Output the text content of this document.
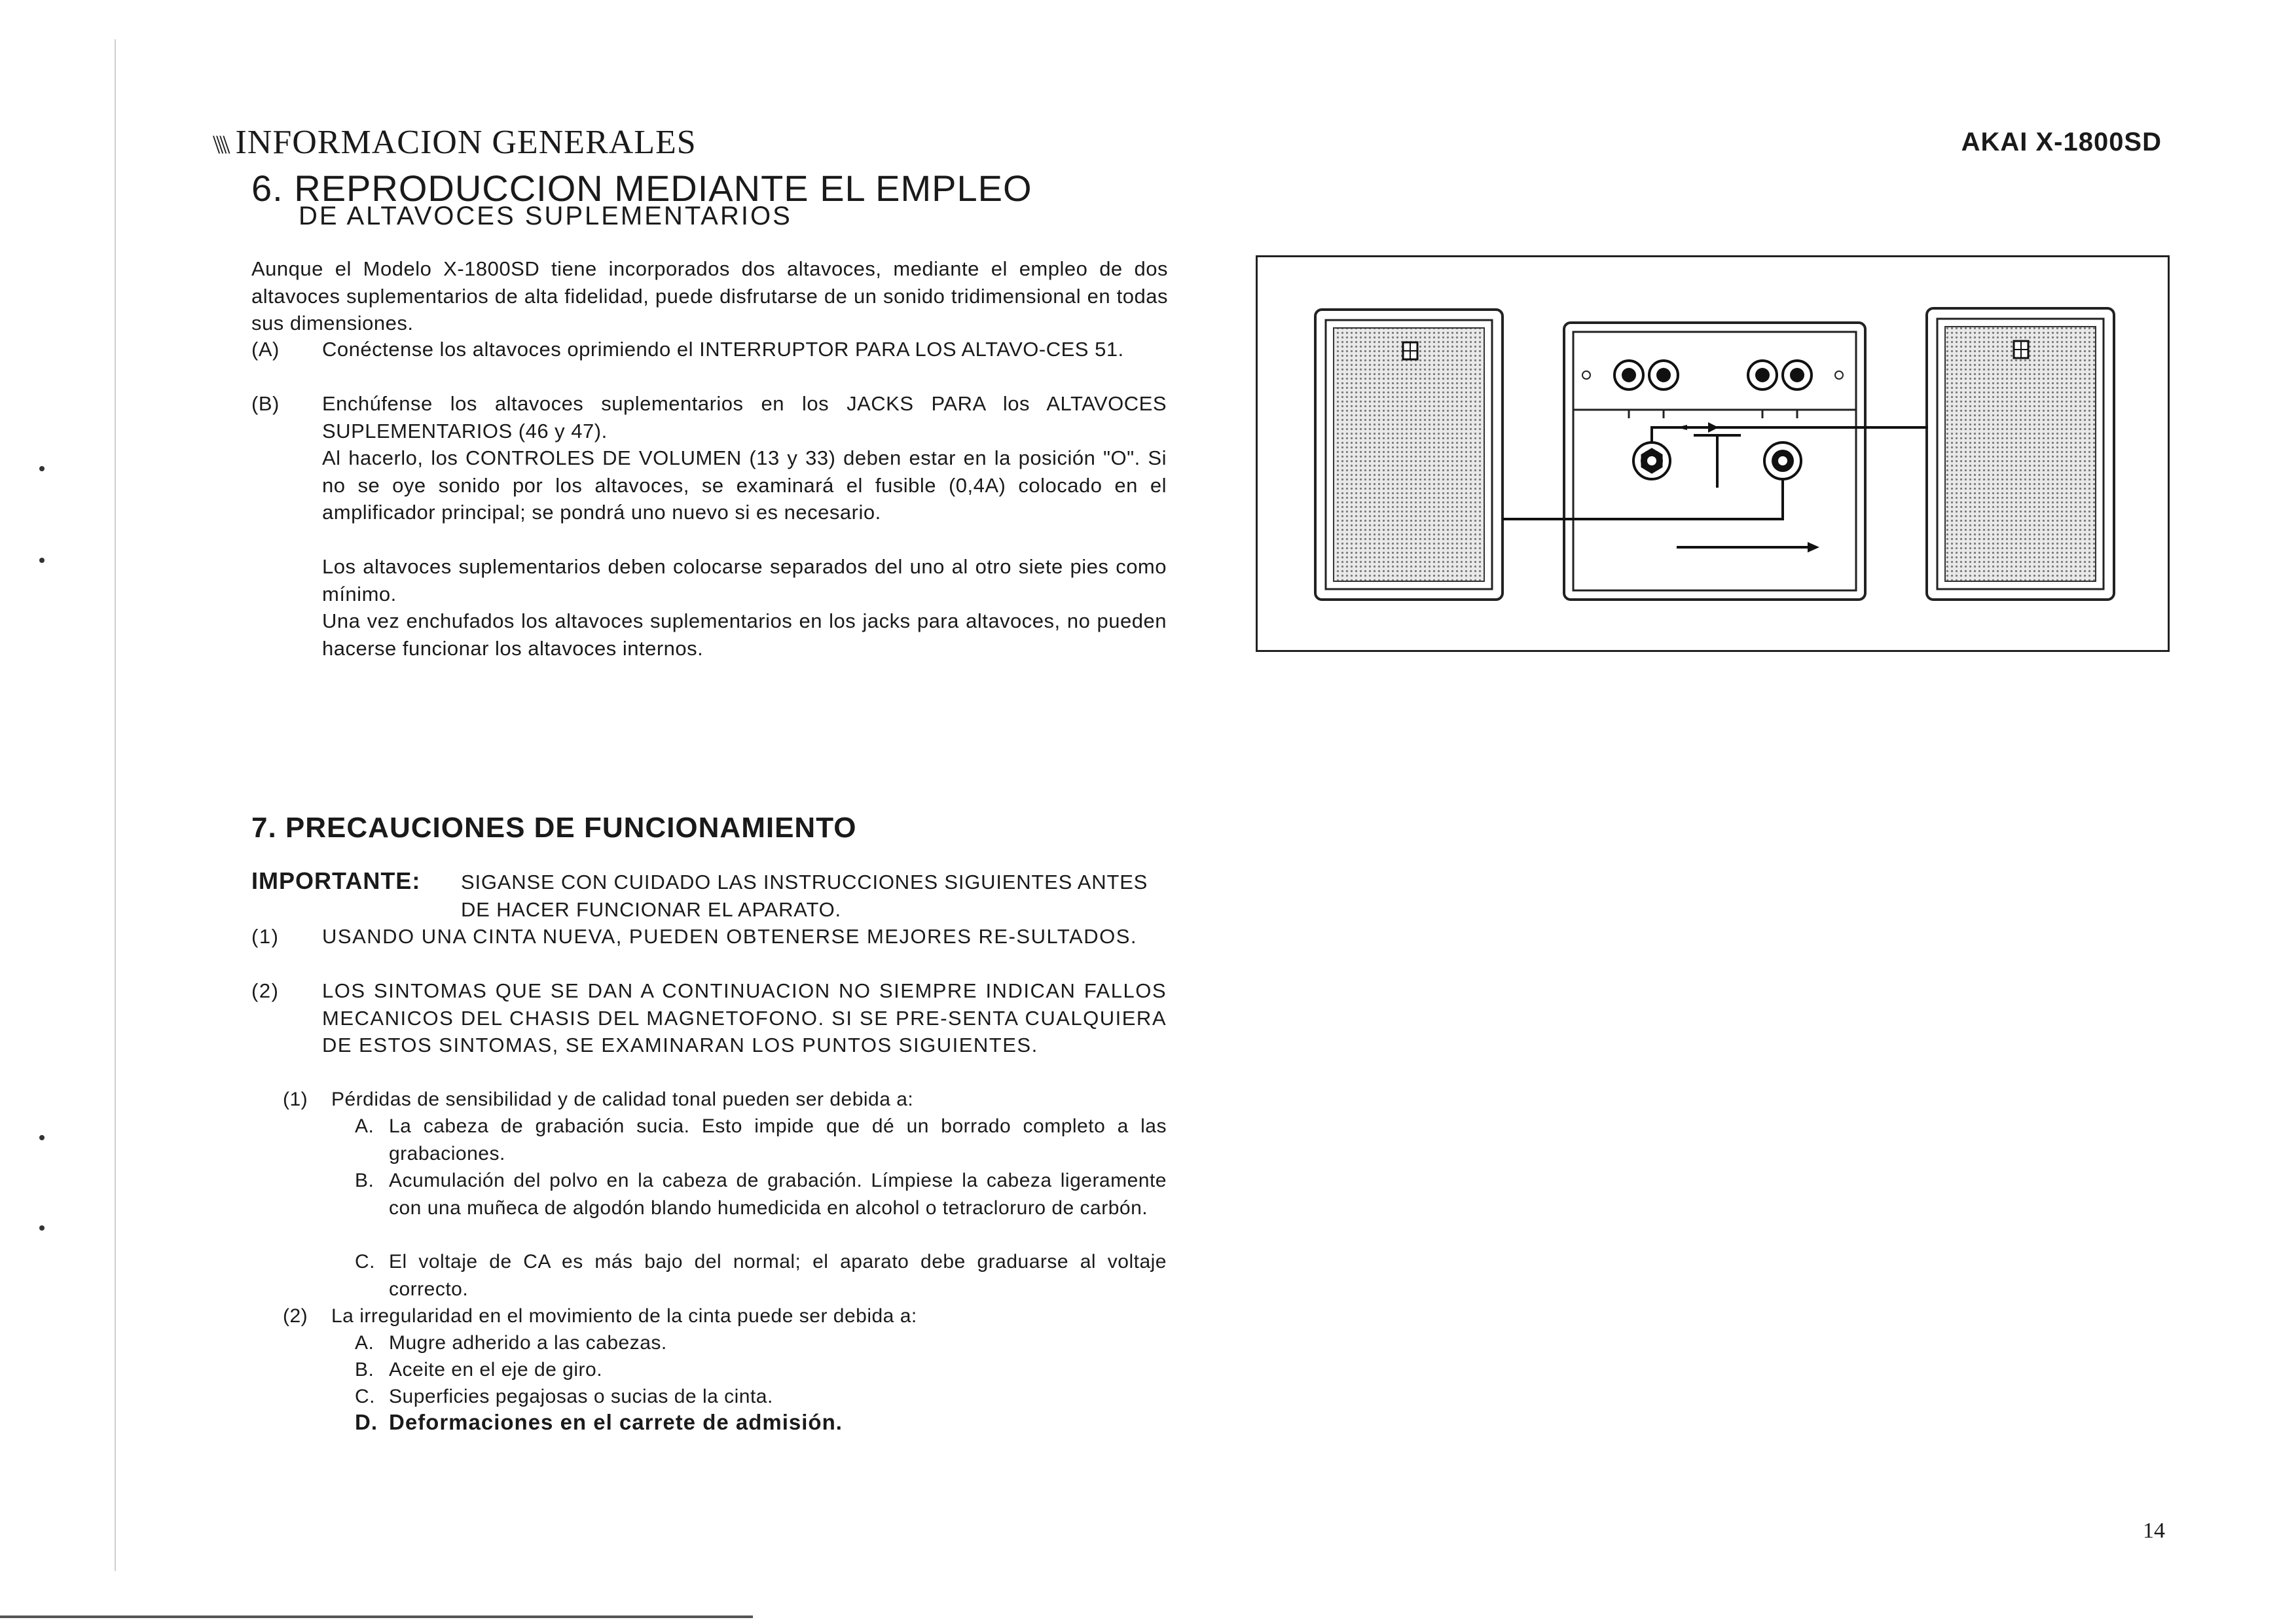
\\\\ INFORMACION GENERALES	AKAI X-1800SD
6. REPRODUCCION MEDIANTE EL EMPLEO
DE ALTAVOCES SUPLEMENTARIOS
Aunque el Modelo X-1800SD tiene incorporados dos altavoces, mediante el empleo de dos altavoces suplementarios de alta fidelidad, puede disfrutarse de un sonido tridimensional en todas sus dimensiones.
(A) Conéctense los altavoces oprimiendo el INTERRUPTOR PARA LOS ALTAVO-CES 51.
(B) Enchúfense los altavoces suplementarios en los JACKS PARA los ALTAVOCES SUPLEMENTARIOS (46 y 47).
Al hacerlo, los CONTROLES DE VOLUMEN (13 y 33) deben estar en la posición "O". Si no se oye sonido por los altavoces, se examinará el fusible (0,4A) colocado en el amplificador principal; se pondrá uno nuevo si es necesario.
Los altavoces suplementarios deben colocarse separados del uno al otro siete pies como mínimo.
Una vez enchufados los altavoces suplementarios en los jacks para altavoces, no pueden hacerse funcionar los altavoces internos.
7. PRECAUCIONES DE FUNCIONAMIENTO
IMPORTANTE: SIGANSE CON CUIDADO LAS INSTRUCCIONES SIGUIENTES ANTES DE HACER FUNCIONAR EL APARATO.
(1) USANDO UNA CINTA NUEVA, PUEDEN OBTENERSE MEJORES RE-SULTADOS.
(2) LOS SINTOMAS QUE SE DAN A CONTINUACION NO SIEMPRE INDICAN FALLOS MECANICOS DEL CHASIS DEL MAGNETOFONO. SI SE PRE-SENTA CUALQUIERA DE ESTOS SINTOMAS, SE EXAMINARAN LOS PUNTOS SIGUIENTES.
(1) Pérdidas de sensibilidad y de calidad tonal pueden ser debida a:
A. La cabeza de grabación sucia. Esto impide que dé un borrado completo a las grabaciones.
B. Acumulación del polvo en la cabeza de grabación. Límpiese la cabeza ligeramente con una muñeca de algodón blando humedicida en alcohol o tetracloruro de carbón.
C. El voltaje de CA es más bajo del normal; el aparato debe graduarse al voltaje correcto.
(2) La irregularidad en el movimiento de la cinta puede ser debida a:
A. Mugre adherido a las cabezas.
B. Aceite en el eje de giro.
C. Superficies pegajosas o sucias de la cinta.
D. Deformaciones en el carrete de admisión.
14
